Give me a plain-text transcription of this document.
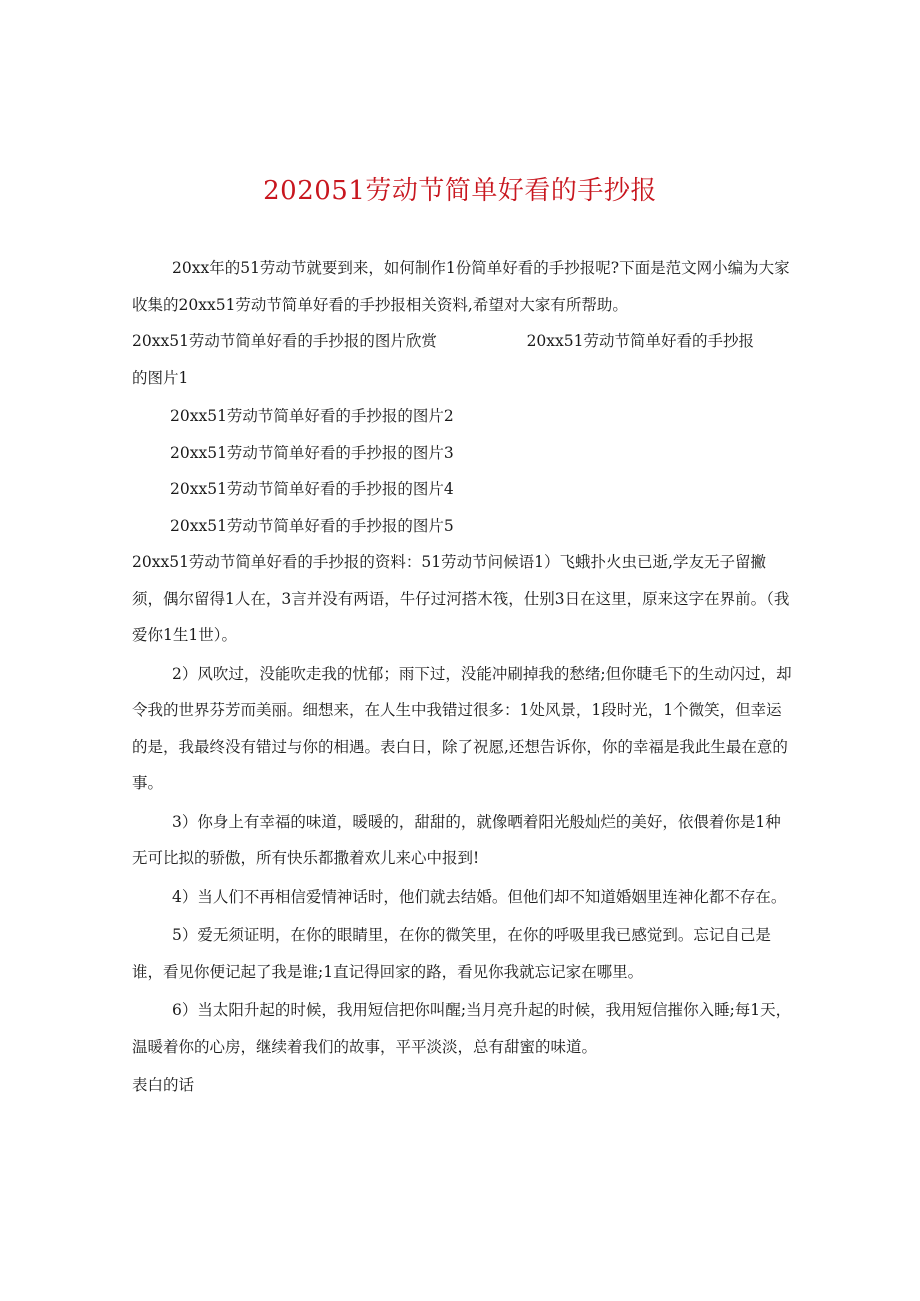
202051劳动节简单好看的手抄报

20xx年的51劳动节就要到来，如何制作1份简单好看的手抄报呢?下面是范文网小编为大家收集的20xx51劳动节简单好看的手抄报相关资料,希望对大家有所帮助。

20xx51劳动节简单好看的手抄报的图片欣赏	20xx51劳动节简单好看的手抄报

的图片1

20xx51劳动节简单好看的手抄报的图片2

20xx51劳动节简单好看的手抄报的图片3

20xx51劳动节简单好看的手抄报的图片4

20xx51劳动节简单好看的手抄报的图片5

20xx51劳动节简单好看的手抄报的资料：51劳动节问候语1）飞蛾扑火虫已逝,学友无子留撇须，偶尔留得1人在，3言并没有两语，牛仔过河搭木筏，仕别3日在这里，原来这字在界前。（我爱你1生1世）。

2）风吹过，没能吹走我的忧郁；雨下过，没能冲刷掉我的愁绪;但你睫毛下的生动闪过，却令我的世界芬芳而美丽。细想来，在人生中我错过很多：1处风景，1段时光，1个微笑，但幸运的是，我最终没有错过与你的相遇。表白日，除了祝愿,还想告诉你，你的幸福是我此生最在意的事。

3）你身上有幸福的味道，暖暖的，甜甜的，就像晒着阳光般灿烂的美好，依偎着你是1种无可比拟的骄傲，所有快乐都撒着欢儿来心中报到!

4）当人们不再相信爱情神话时，他们就去结婚。但他们却不知道婚姻里连神化都不存在。

5）爱无须证明，在你的眼睛里，在你的微笑里，在你的呼吸里我已感觉到。忘记自己是谁，看见你便记起了我是谁;1直记得回家的路，看见你我就忘记家在哪里。

6）当太阳升起的时候，我用短信把你叫醒;当月亮升起的时候，我用短信摧你入睡;每1天，温暖着你的心房，继续着我们的故事，平平淡淡，总有甜蜜的味道。

表白的话
